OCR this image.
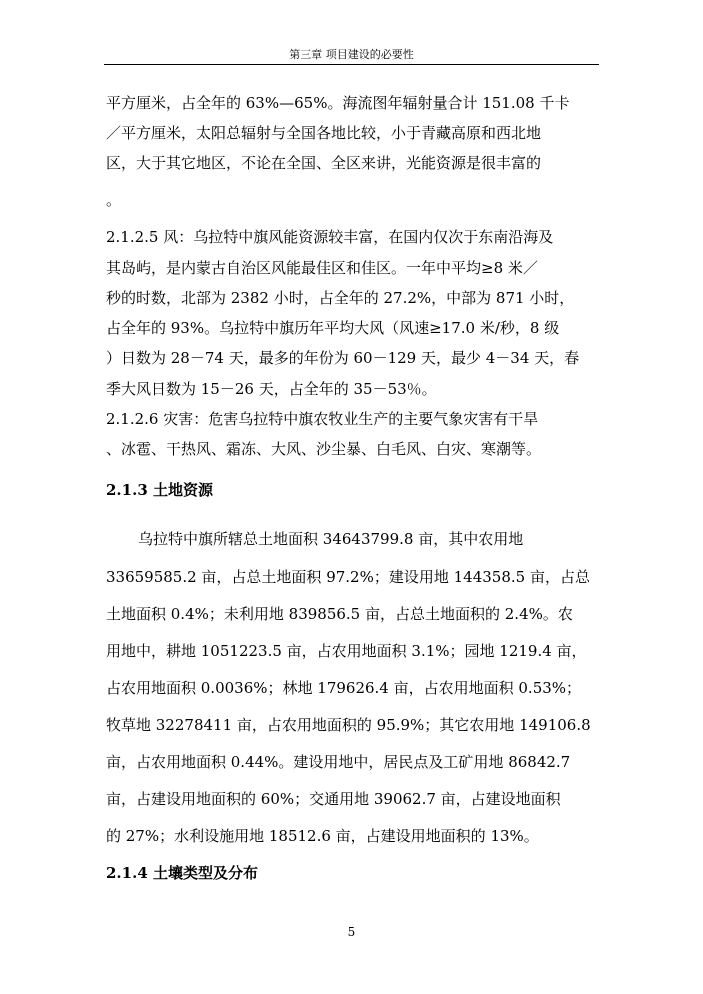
第三章 项目建设的必要性
平方厘米，占全年的 63%—65%。海流图年辐射量合计 151.08 千卡
／平方厘米，太阳总辐射与全国各地比较，小于青藏高原和西北地
区，大于其它地区，不论在全国、全区来讲，光能资源是很丰富的
。
2.1.2.5 风：乌拉特中旗风能资源较丰富，在国内仅次于东南沿海及
其岛屿，是内蒙古自治区风能最佳区和佳区。一年中平均≥8 米／
秒的时数，北部为 2382 小时，占全年的 27.2%，中部为 871 小时，
占全年的 93%。乌拉特中旗历年平均大风（风速≥17.0 米/秒，8 级
）日数为 28－74 天，最多的年份为 60－129 天，最少 4－34 天，春
季大风日数为 15－26 天，占全年的 35－53％。
2.1.2.6 灾害：危害乌拉特中旗农牧业生产的主要气象灾害有干旱
、冰雹、干热风、霜冻、大风、沙尘暴、白毛风、白灾、寒潮等。
2.1.3 土地资源
乌拉特中旗所辖总土地面积 34643799.8 亩，其中农用地
33659585.2 亩，占总土地面积 97.2%；建设用地 144358.5 亩，占总
土地面积 0.4%；未利用地 839856.5 亩，占总土地面积的 2.4%。农
用地中，耕地 1051223.5 亩，占农用地面积 3.1%；园地 1219.4 亩，
占农用地面积 0.0036%；林地 179626.4 亩，占农用地面积 0.53%；
牧草地 32278411 亩，占农用地面积的 95.9%；其它农用地 149106.8
亩，占农用地面积 0.44%。建设用地中，居民点及工矿用地 86842.7
亩，占建设用地面积的 60%；交通用地 39062.7 亩，占建设地面积
的 27%；水利设施用地 18512.6 亩，占建设用地面积的 13%。
2.1.4 土壤类型及分布
5
